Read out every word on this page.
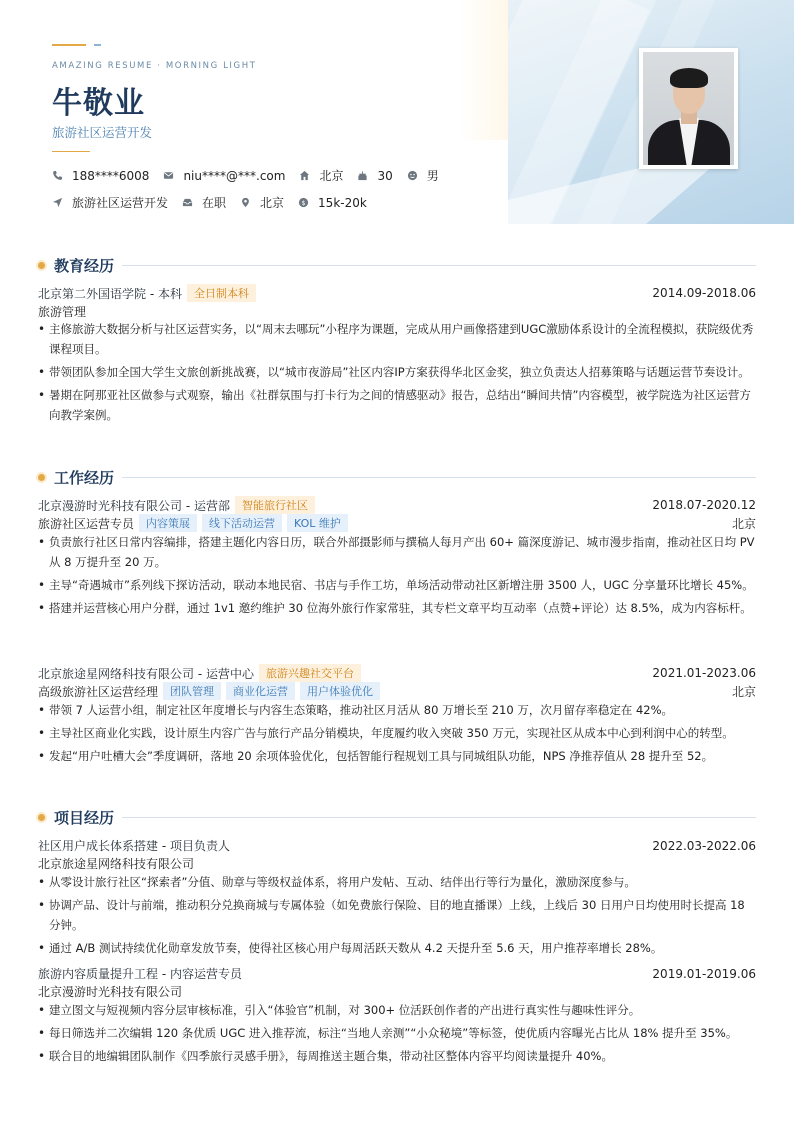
AMAZING RESUME · MORNING LIGHT
牛敬业
旅游社区运营开发
188****6008	niu****@***.com	北京	30	男
旅游社区运营开发	在职	北京 $ 15k-20k
教育经历
北京第二外国语学院 - 本科	全日制本科	2014.09-2018.06
旅游管理
• 主修旅游大数据分析与社区运营实务，以“周末去哪玩”小程序为课题，完成从用户画像搭建到UGC激励体系设计的全流程模拟，获院级优秀课程项目。
• 带领团队参加全国大学生文旅创新挑战赛，以“城市夜游局”社区内容IP方案获得华北区金奖，独立负责达人招募策略与话题运营节奏设计。
• 暑期在阿那亚社区做参与式观察，输出《社群氛围与打卡行为之间的情感驱动》报告，总结出“瞬间共情”内容模型，被学院选为社区运营方向教学案例。
工作经历
北京漫游时光科技有限公司 - 运营部	智能旅行社区	2018.07-2020.12
旅游社区运营专员	内容策展	线下活动运营	KOL 维护	北京
• 负责旅行社区日常内容编排，搭建主题化内容日历，联合外部摄影师与撰稿人每月产出 60+ 篇深度游记、城市漫步指南，推动社区日均 PV 从 8 万提升至 20 万。
• 主导“奇遇城市”系列线下探访活动，联动本地民宿、书店与手作工坊，单场活动带动社区新增注册 3500 人，UGC 分享量环比增长 45%。
• 搭建并运营核心用户分群，通过 1v1 邀约维护 30 位海外旅行作家常驻，其专栏文章平均互动率（点赞+评论）达 8.5%，成为内容标杆。
北京旅途星网络科技有限公司 - 运营中心	旅游兴趣社交平台	2021.01-2023.06
高级旅游社区运营经理	团队管理	商业化运营	用户体验优化	北京
• 带领 7 人运营小组，制定社区年度增长与内容生态策略，推动社区月活从 80 万增长至 210 万，次月留存率稳定在 42%。
• 主导社区商业化实践，设计原生内容广告与旅行产品分销模块，年度履约收入突破 350 万元，实现社区从成本中心到利润中心的转型。
• 发起“用户吐槽大会”季度调研，落地 20 余项体验优化，包括智能行程规划工具与同城组队功能，NPS 净推荐值从 28 提升至 52。
项目经历
社区用户成长体系搭建 - 项目负责人	2022.03-2022.06
北京旅途星网络科技有限公司
• 从零设计旅行社区“探索者”分值、勋章与等级权益体系，将用户发帖、互动、结伴出行等行为量化，激励深度参与。
• 协调产品、设计与前端，推动积分兑换商城与专属体验（如免费旅行保险、目的地直播课）上线，上线后 30 日用户日均使用时长提高 18 分钟。
• 通过 A/B 测试持续优化勋章发放节奏，使得社区核心用户每周活跃天数从 4.2 天提升至 5.6 天，用户推荐率增长 28%。
旅游内容质量提升工程 - 内容运营专员	2019.01-2019.06
北京漫游时光科技有限公司
• 建立图文与短视频内容分层审核标准，引入“体验官”机制，对 300+ 位活跃创作者的产出进行真实性与趣味性评分。
• 每日筛选并二次编辑 120 条优质 UGC 进入推荐流，标注“当地人亲测”“小众秘境”等标签，使优质内容曝光占比从 18% 提升至 35%。
• 联合目的地编辑团队制作《四季旅行灵感手册》，每周推送主题合集，带动社区整体内容平均阅读量提升 40%。
